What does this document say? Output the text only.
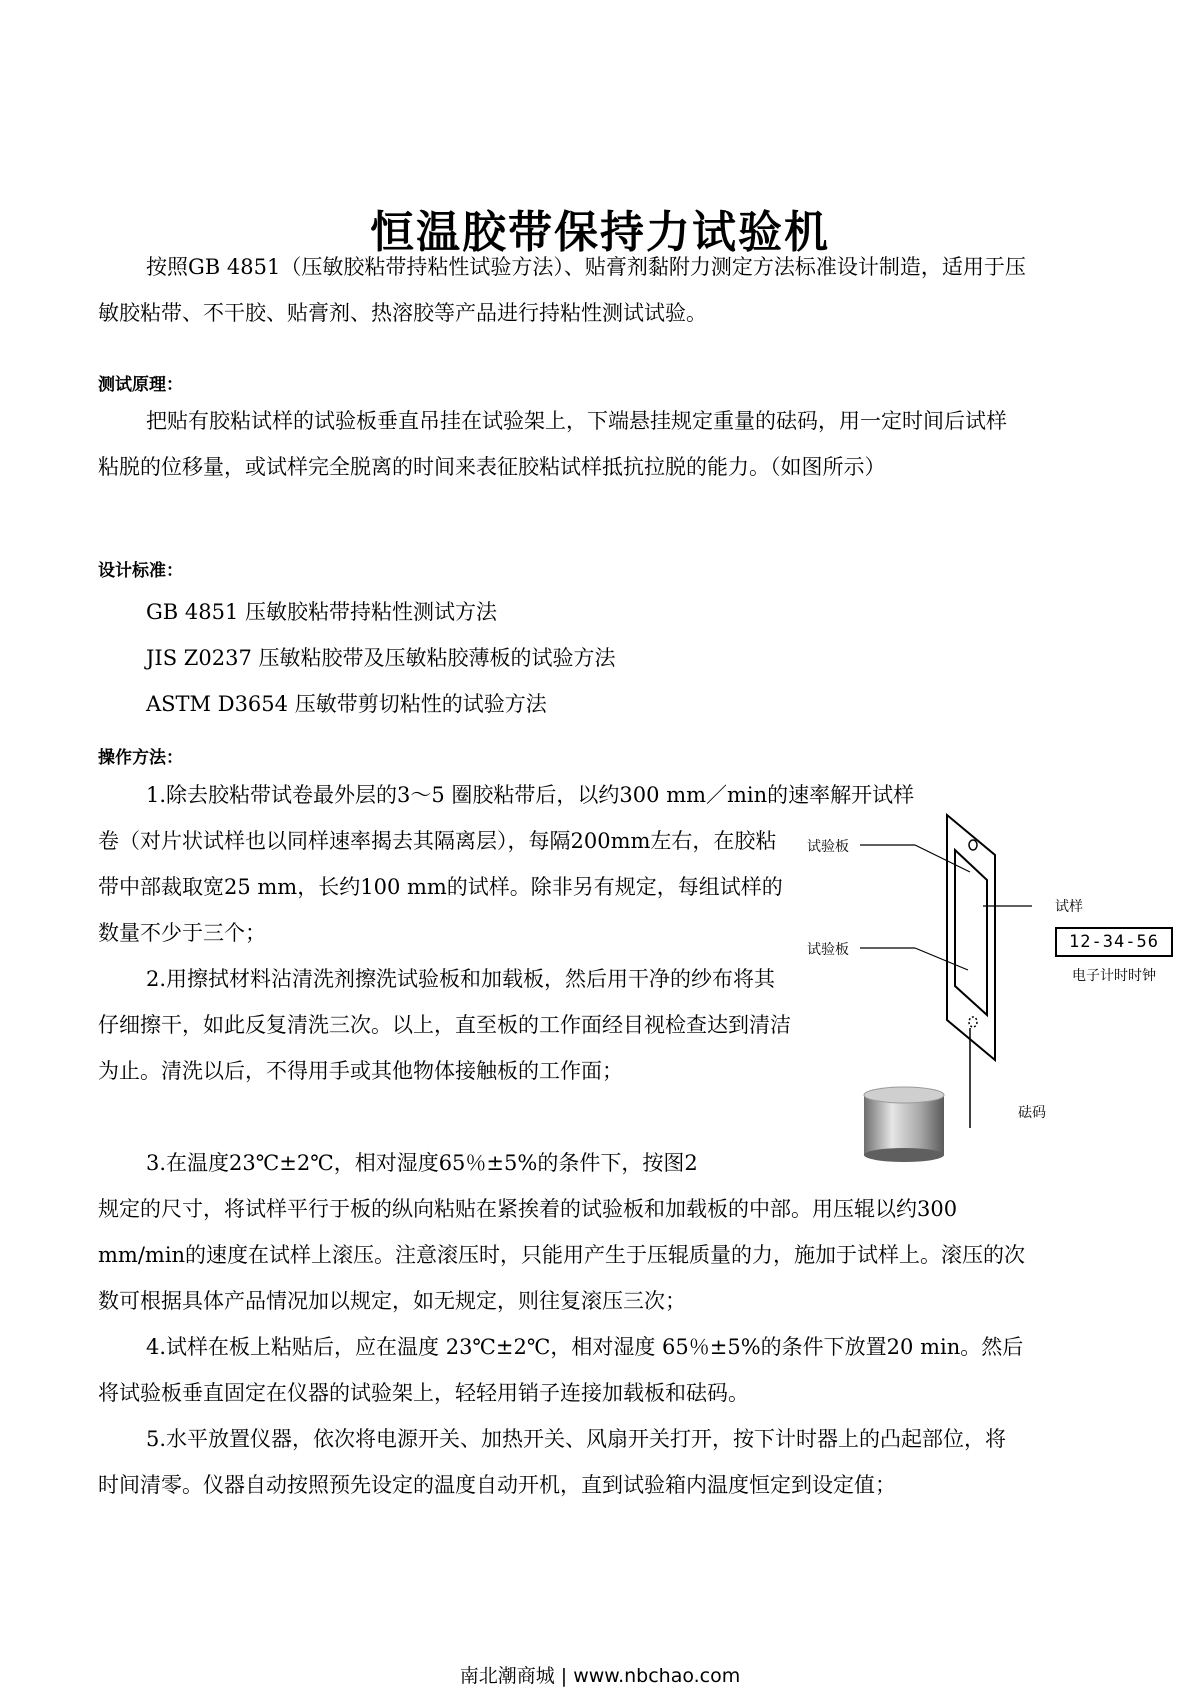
恒温胶带保持力试验机

按照GB 4851（压敏胶粘带持粘性试验方法）、贴膏剂黏附力测定方法标准设计制造，适用于压敏胶粘带、不干胶、贴膏剂、热溶胶等产品进行持粘性测试试验。

测试原理：

把贴有胶粘试样的试验板垂直吊挂在试验架上，下端悬挂规定重量的砝码，用一定时间后试样粘脱的位移量，或试样完全脱离的时间来表征胶粘试样抵抗拉脱的能力。（如图所示）

设计标准：

GB 4851 压敏胶粘带持粘性测试方法

JIS Z0237 压敏粘胶带及压敏粘胶薄板的试验方法

ASTM D3654 压敏带剪切粘性的试验方法

操作方法：

1.除去胶粘带试卷最外层的3～5 圈胶粘带后，以约300 mm／min的速率解开试样

卷（对片状试样也以同样速率揭去其隔离层），每隔200mm左右，在胶粘带中部裁取宽25 mm，长约100 mm的试样。除非另有规定，每组试样的数量不少于三个；

2.用擦拭材料沾清洗剂擦洗试验板和加载板，然后用干净的纱布将其仔细擦干，如此反复清洗三次。以上，直至板的工作面经目视检查达到清洁为止。清洗以后，不得用手或其他物体接触板的工作面；

3.在温度23℃±2℃，相对湿度65％±5%的条件下，按图2

规定的尺寸，将试样平行于板的纵向粘贴在紧挨着的试验板和加载板的中部。用压辊以约300 mm/min的速度在试样上滚压。注意滚压时，只能用产生于压辊质量的力，施加于试样上。滚压的次数可根据具体产品情况加以规定，如无规定，则往复滚压三次；

4.试样在板上粘贴后，应在温度 23℃±2℃，相对湿度 65％±5%的条件下放置20 min。然后将试验板垂直固定在仪器的试验架上，轻轻用销子连接加载板和砝码。

5.水平放置仪器，依次将电源开关、加热开关、风扇开关打开，按下计时器上的凸起部位，将时间清零。仪器自动按照预先设定的温度自动开机，直到试验箱内温度恒定到设定值；

试验板
试样
试验板	12-34-56
电子计时时钟
砝码
南北潮商城 | www.nbchao.com
